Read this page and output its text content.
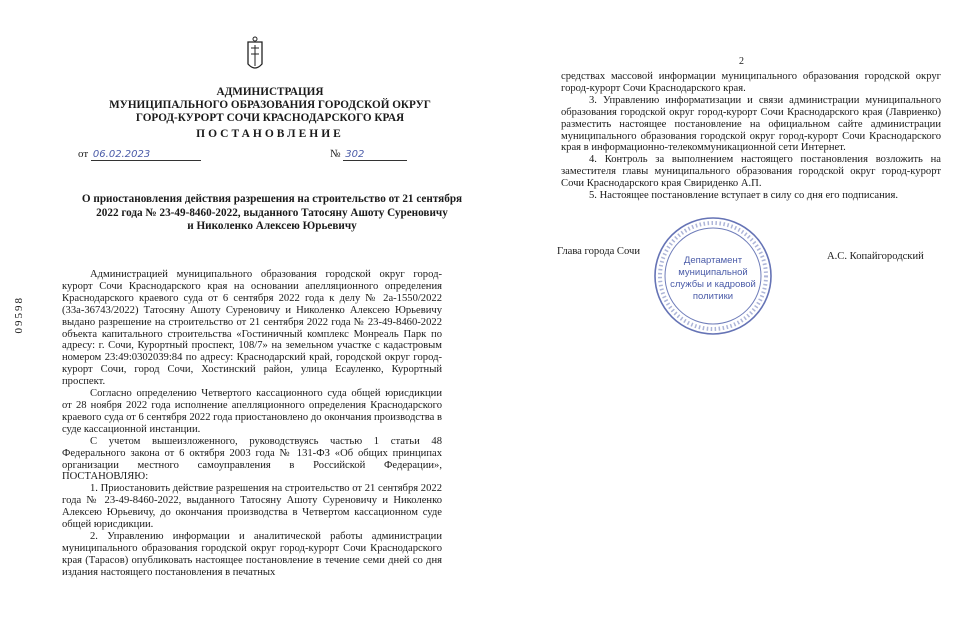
АДМИНИСТРАЦИЯ
МУНИЦИПАЛЬНОГО ОБРАЗОВАНИЯ ГОРОДСКОЙ ОКРУГ
ГОРОД-КУРОРТ СОЧИ КРАСНОДАРСКОГО КРАЯ
ПОСТАНОВЛЕНИЕ
от 06.02.2023	№ 302
О приостановления действия разрешения на строительство от 21 сентября
2022 года № 23-49-8460-2022, выданного Татосяну Ашоту Суреновичу
и Николенко Алексею Юрьевичу
09598

Администрацией муниципального образования городской округ город-курорт Сочи Краснодарского края на основании апелляционного определения Краснодарского краевого суда от 6 сентября 2022 года к делу № 2а-1550/2022 (33а-36743/2022) Татосяну Ашоту Суреновичу и Николенко Алексею Юрьевичу выдано разрешение на строительство от 21 сентября 2022 года № 23-49-8460-2022 объекта капитального строительства «Гостиничный комплекс Монреаль Парк по адресу: г. Сочи, Курортный проспект, 108/7» на земельном участке с кадастровым номером 23:49:0302039:84 по адресу: Краснодарский край, городской округ город-курорт Сочи, город Сочи, Хостинский район, улица Есауленко, Курортный проспект.

Согласно определению Четвертого кассационного суда общей юрисдикции от 28 ноября 2022 года исполнение апелляционного определения Краснодарского краевого суда от 6 сентября 2022 года приостановлено до окончания производства в суде кассационной инстанции.

С учетом вышеизложенного, руководствуясь частью 1 статьи 48 Федерального закона от 6 октября 2003 года № 131-ФЗ «Об общих принципах организации местного самоуправления в Российской Федерации», ПОСТАНОВЛЯЮ:

1. Приостановить действие разрешения на строительство от 21 сентября 2022 года № 23-49-8460-2022, выданного Татосяну Ашоту Суреновичу и Николенко Алексею Юрьевичу, до окончания производства в Четвертом кассационном суде общей юрисдикции.

2. Управлению информации и аналитической работы администрации муниципального образования городской округ город-курорт Сочи Краснодарского края (Тарасов) опубликовать настоящее постановление в течение семи дней со дня издания настоящего постановления в печатных

2

средствах массовой информации муниципального образования городской округ город-курорт Сочи Краснодарского края.

3. Управлению информатизации и связи администрации муниципального образования городской округ город-курорт Сочи Краснодарского края (Лавриенко) разместить настоящее постановление на официальном сайте администрации муниципального образования городской округ город-курорт Сочи Краснодарского края в информационно-телекоммуникационной сети Интернет.

4. Контроль за выполнением настоящего постановления возложить на заместителя главы муниципального образования городской округ город-курорт Сочи Краснодарского края Свириденко А.П.

5. Настоящее постановление вступает в силу со дня его подписания.

Глава города Сочи	А.С. Копайгородский
Департамент
муниципальной
службы и кадровой
политики
